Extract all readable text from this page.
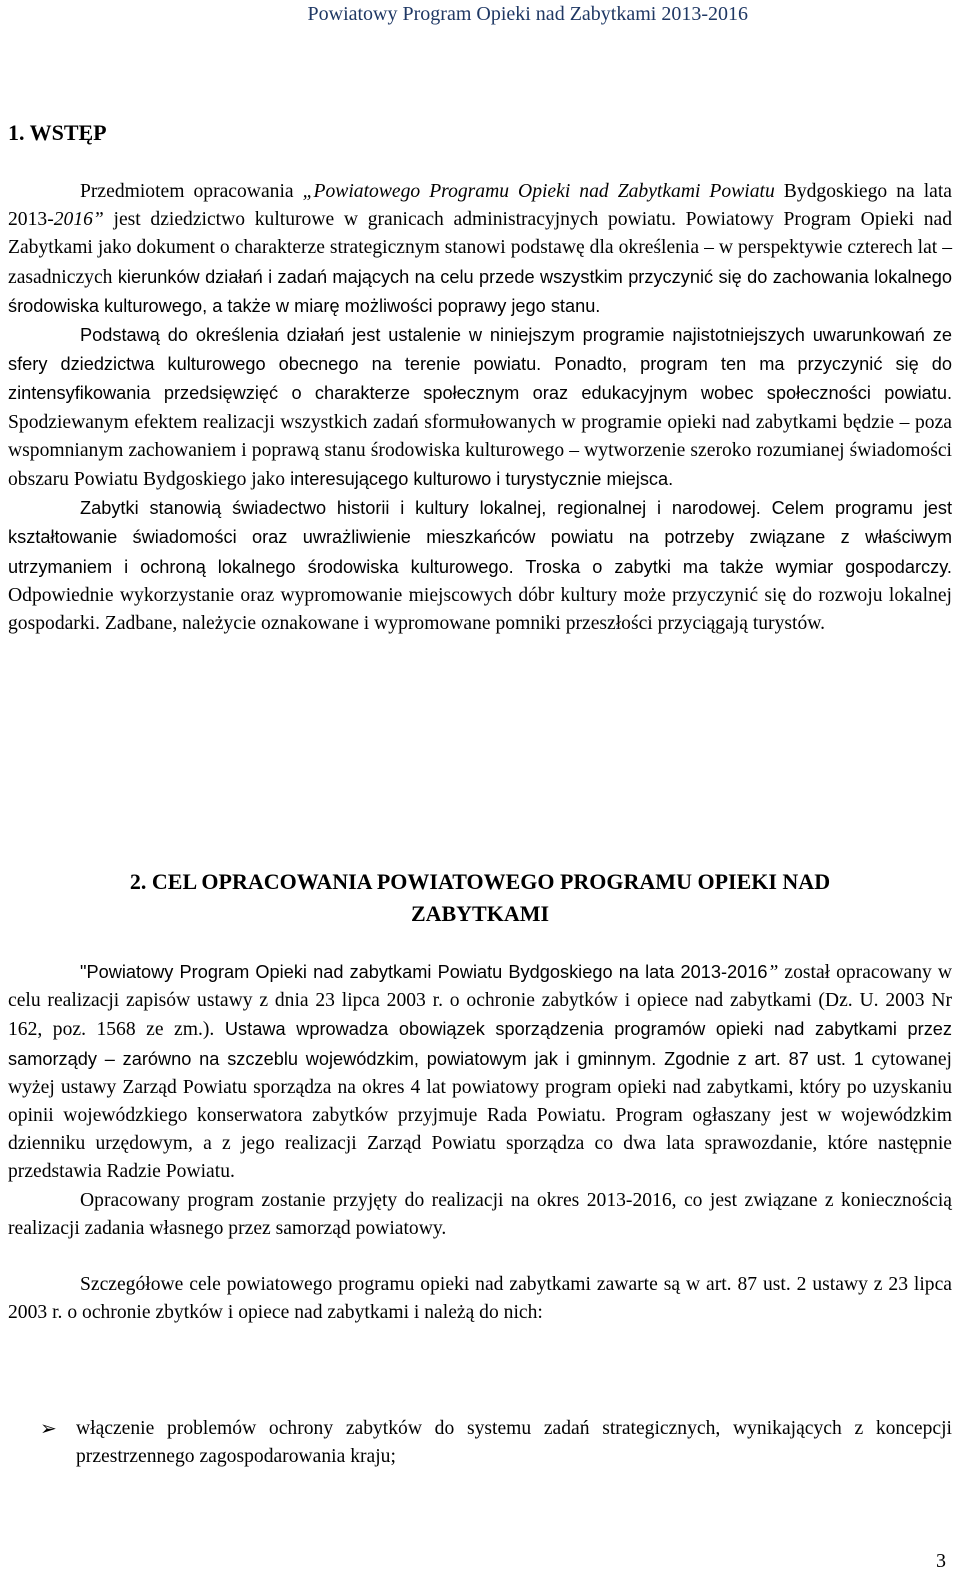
Powiatowy Program Opieki nad Zabytkami 2013-2016
1. WSTĘP

Przedmiotem opracowania „Powiatowego Programu Opieki nad Zabytkami Powiatu Bydgoskiego na lata 2013-2016” jest dziedzictwo kulturowe w granicach administracyjnych powiatu. Powiatowy Program Opieki nad Zabytkami jako dokument o charakterze strategicznym stanowi podstawę dla określenia – w perspektywie czterech lat – zasadniczych kierunków działań i zadań mających na celu przede wszystkim przyczynić się do zachowania lokalnego środowiska kulturowego, a także w miarę możliwości poprawy jego stanu.

Podstawą do określenia działań jest ustalenie w niniejszym programie najistotniejszych uwarunkowań ze sfery dziedzictwa kulturowego obecnego na terenie powiatu. Ponadto, program ten ma przyczynić się do zintensyfikowania przedsięwzięć o charakterze społecznym oraz edukacyjnym wobec społeczności powiatu. Spodziewanym efektem realizacji wszystkich zadań sformułowanych w programie opieki nad zabytkami będzie – poza wspomnianym zachowaniem i poprawą stanu środowiska kulturowego – wytworzenie szeroko rozumianej świadomości obszaru Powiatu Bydgoskiego jako interesującego kulturowo i turystycznie miejsca.

Zabytki stanowią świadectwo historii i kultury lokalnej, regionalnej i narodowej. Celem programu jest kształtowanie świadomości oraz uwrażliwienie mieszkańców powiatu na potrzeby związane z właściwym utrzymaniem i ochroną lokalnego środowiska kulturowego. Troska o zabytki ma także wymiar gospodarczy. Odpowiednie wykorzystanie oraz wypromowanie miejscowych dóbr kultury może przyczynić się do rozwoju lokalnej gospodarki. Zadbane, należycie oznakowane i wypromowane pomniki przeszłości przyciągają turystów.

2. CEL OPRACOWANIA POWIATOWEGO PROGRAMU OPIEKI NAD
ZABYTKAMI

"Powiatowy Program Opieki nad zabytkami Powiatu Bydgoskiego na lata 2013-2016” został opracowany w celu realizacji zapisów ustawy z dnia 23 lipca 2003 r. o ochronie zabytków i opiece nad zabytkami (Dz. U. 2003 Nr 162, poz. 1568 ze zm.). Ustawa wprowadza obowiązek sporządzenia programów opieki nad zabytkami przez samorządy – zarówno na szczeblu wojewódzkim, powiatowym jak i gminnym. Zgodnie z art. 87 ust. 1 cytowanej wyżej ustawy Zarząd Powiatu sporządza na okres 4 lat powiatowy program opieki nad zabytkami, który po uzyskaniu opinii wojewódzkiego konserwatora zabytków przyjmuje Rada Powiatu. Program ogłaszany jest w wojewódzkim dzienniku urzędowym, a z jego realizacji Zarząd Powiatu sporządza co dwa lata sprawozdanie, które następnie przedstawia Radzie Powiatu.

Opracowany program zostanie przyjęty do realizacji na okres 2013-2016, co jest związane z koniecznością realizacji zadania własnego przez samorząd powiatowy.

Szczegółowe cele powiatowego programu opieki nad zabytkami zawarte są w art. 87 ust. 2 ustawy z 23 lipca 2003 r. o ochronie zbytków i opiece nad zabytkami i należą do nich:

➢ włączenie problemów ochrony zabytków do systemu zadań strategicznych, wynikających z koncepcji przestrzennego zagospodarowania kraju;
3
